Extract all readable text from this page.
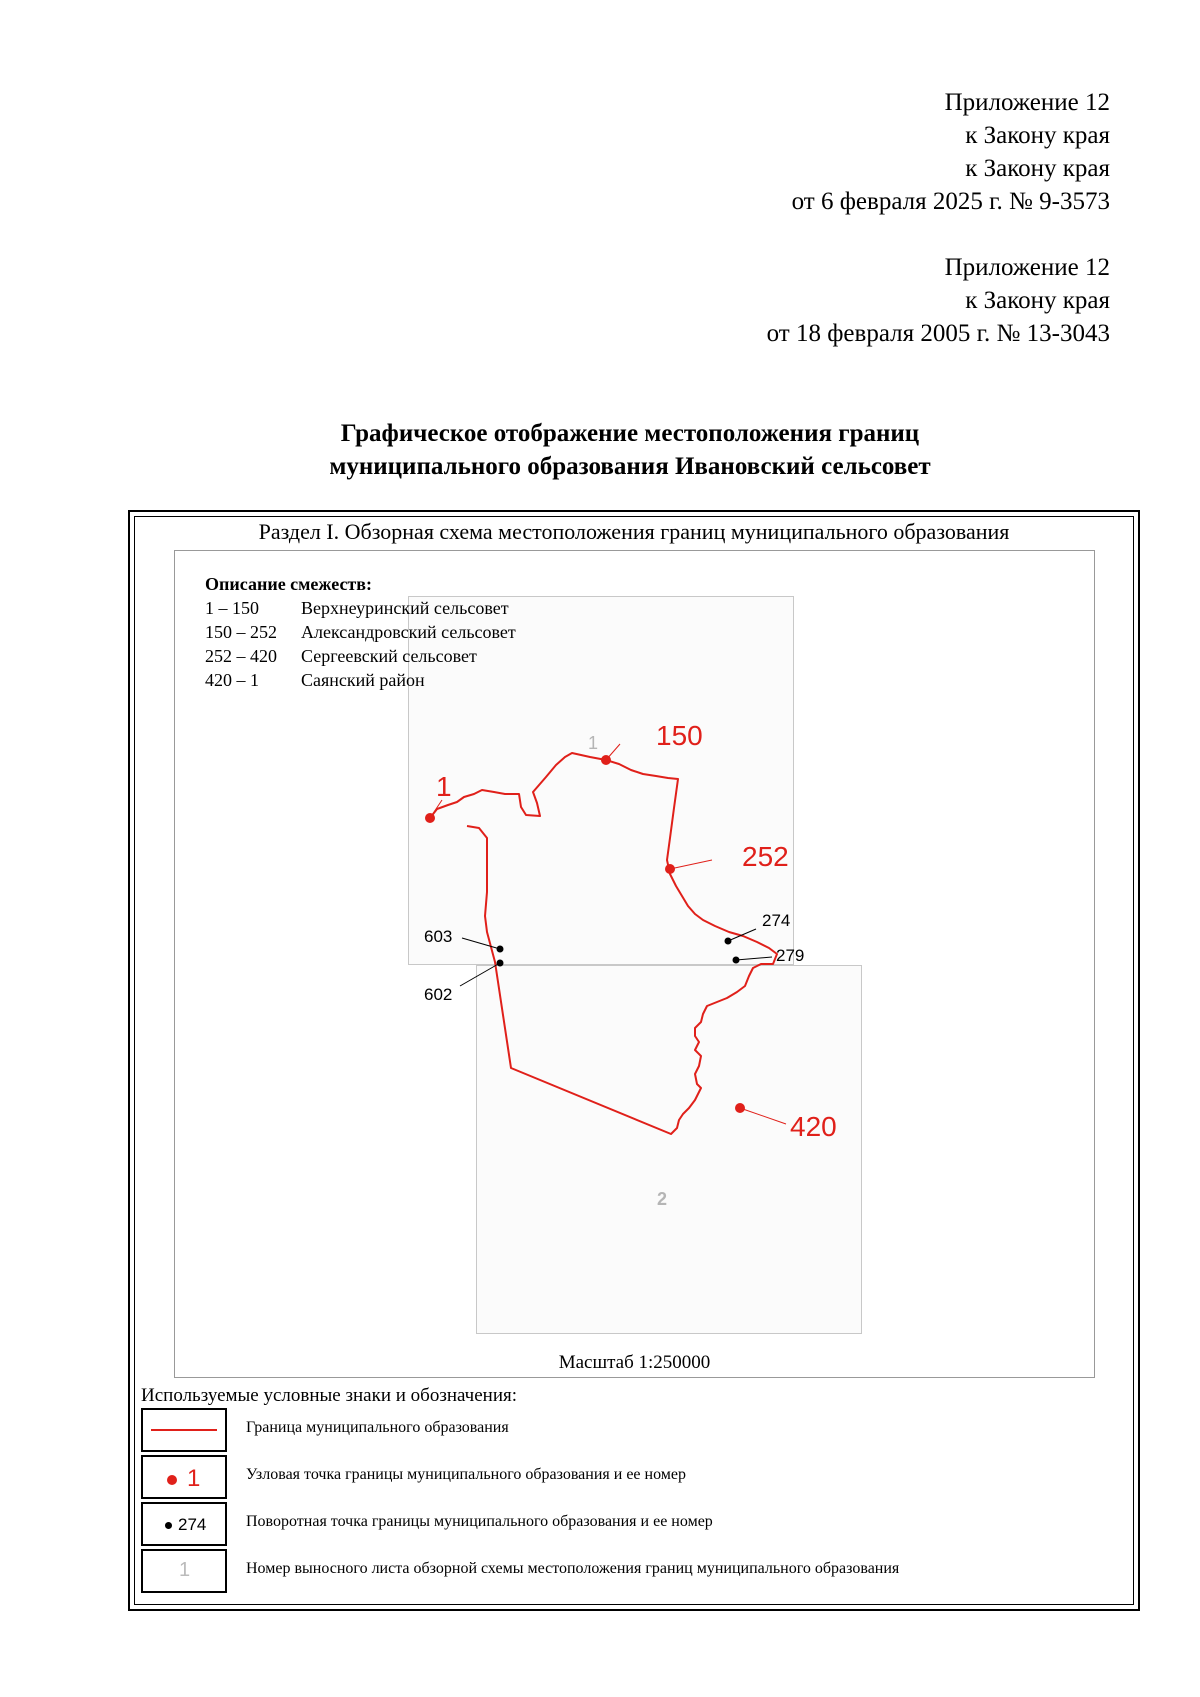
Приложение 12
к Закону края
к Закону края
от 6 февраля 2025 г. № 9-3573
Приложение 12
к Закону края
от 18 февраля 2005 г. № 13-3043
Графическое отображение местоположения границ
муниципального образования Ивановский сельсовет
Раздел I. Обзорная схема местоположения границ муниципального образования
Описание смежеств:
1 – 150	Верхнеуринский сельсовет
150 – 252	Александровский сельсовет
252 – 420	Сергеевский сельсовет
420 – 1	Саянский район
1
2
Масштаб 1:250000
Используемые условные знаки и обозначения:
Граница муниципального образования
1	Узловая точка границы муниципального образования и ее номер
274 Поворотная точка границы муниципального образования и ее номер
1	Номер выносного листа обзорной схемы местоположения границ муниципального образования
1
150
252
420
274
279
603
602
